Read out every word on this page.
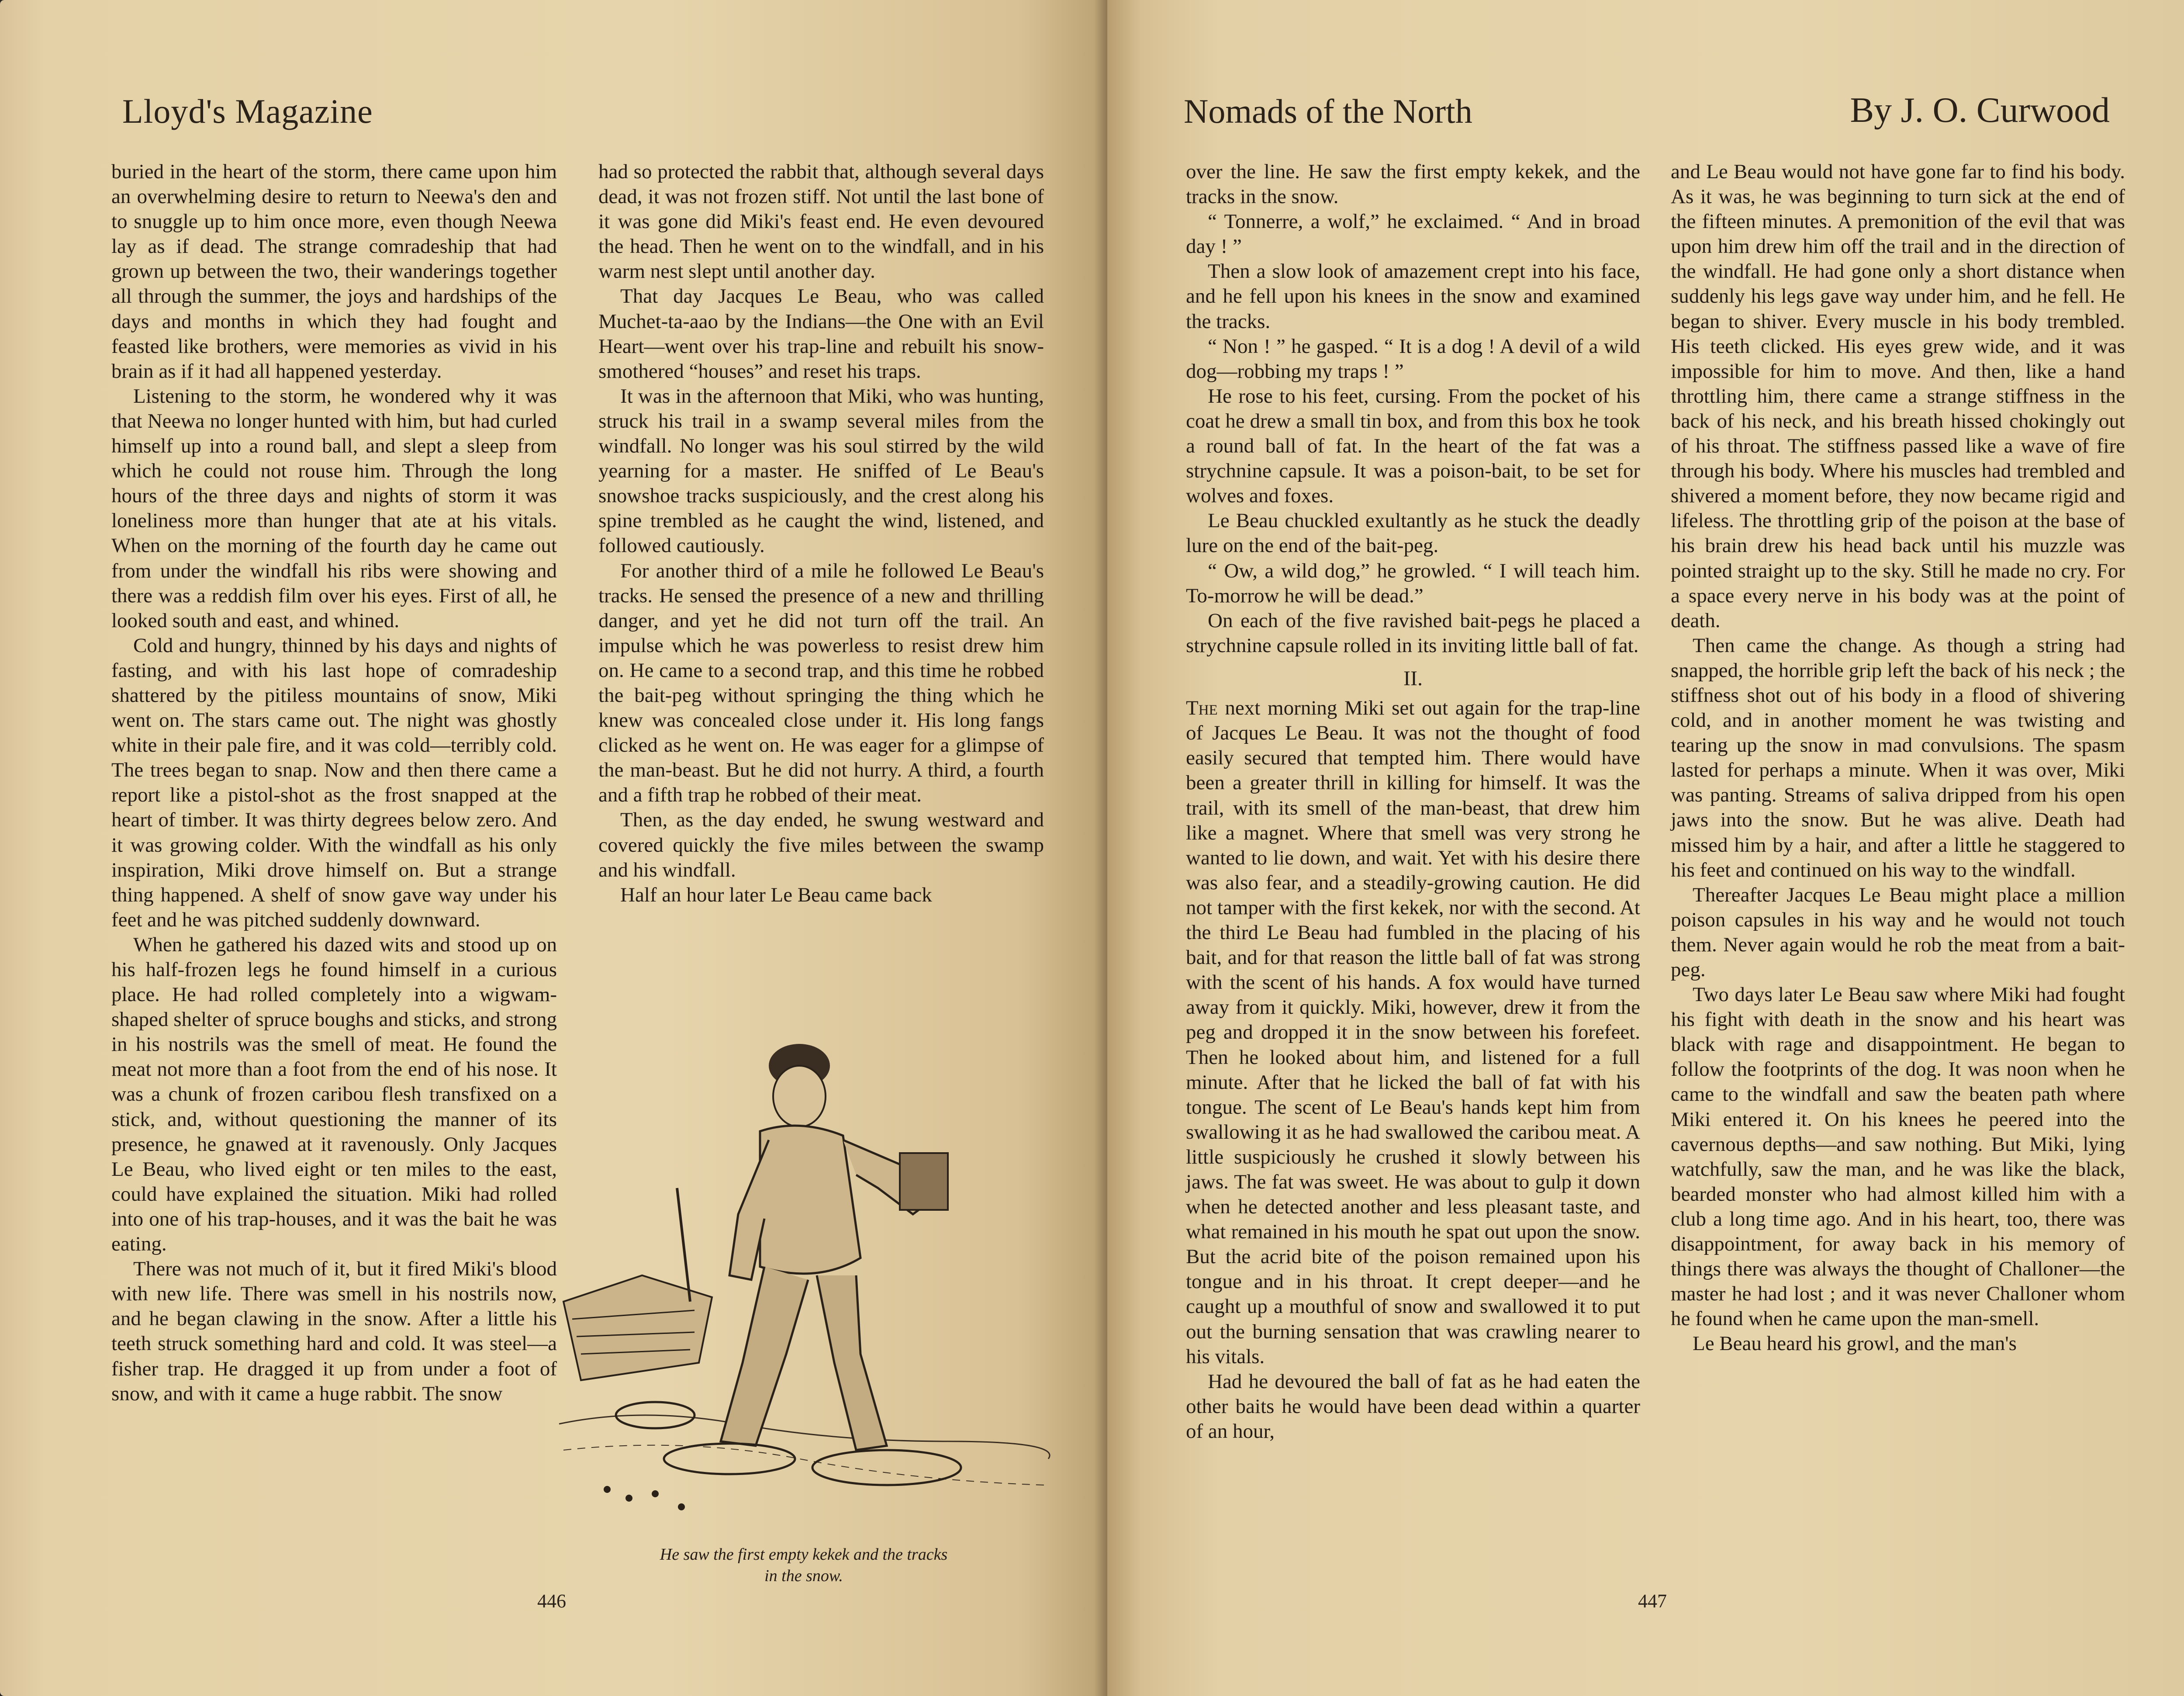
Lloyd's Magazine

buried in the heart of the storm, there came upon him an overwhelming desire to return to Neewa's den and to snuggle up to him once more, even though Neewa lay as if dead. The strange comradeship that had grown up between the two, their wanderings together all through the summer, the joys and hardships of the days and months in which they had fought and feasted like brothers, were memories as vivid in his brain as if it had all happened yesterday.

Listening to the storm, he wondered why it was that Neewa no longer hunted with him, but had curled himself up into a round ball, and slept a sleep from which he could not rouse him. Through the long hours of the three days and nights of storm it was loneliness more than hunger that ate at his vitals. When on the morning of the fourth day he came out from under the windfall his ribs were showing and there was a reddish film over his eyes. First of all, he looked south and east, and whined.

Cold and hungry, thinned by his days and nights of fasting, and with his last hope of comradeship shattered by the pitiless mountains of snow, Miki went on. The stars came out. The night was ghostly white in their pale fire, and it was cold—terribly cold. The trees began to snap. Now and then there came a report like a pistol-shot as the frost snapped at the heart of timber. It was thirty degrees below zero. And it was growing colder. With the windfall as his only inspiration, Miki drove himself on. But a strange thing happened. A shelf of snow gave way under his feet and he was pitched suddenly downward.

When he gathered his dazed wits and stood up on his half-frozen legs he found himself in a curious place. He had rolled completely into a wigwam-shaped shelter of spruce boughs and sticks, and strong in his nostrils was the smell of meat. He found the meat not more than a foot from the end of his nose. It was a chunk of frozen caribou flesh transfixed on a stick, and, without questioning the manner of its presence, he gnawed at it ravenously. Only Jacques Le Beau, who lived eight or ten miles to the east, could have explained the situation. Miki had rolled into one of his trap-houses, and it was the bait he was eating.

There was not much of it, but it fired Miki's blood with new life. There was smell in his nostrils now, and he began clawing in the snow. After a little his teeth struck something hard and cold. It was steel—a fisher trap. He dragged it up from under a foot of snow, and with it came a huge rabbit. The snow

had so protected the rabbit that, although several days dead, it was not frozen stiff. Not until the last bone of it was gone did Miki's feast end. He even devoured the head. Then he went on to the windfall, and in his warm nest slept until another day.

That day Jacques Le Beau, who was called Muchet-ta-aao by the Indians—the One with an Evil Heart—went over his trap-line and rebuilt his snow-smothered “houses” and reset his traps.

It was in the afternoon that Miki, who was hunting, struck his trail in a swamp several miles from the windfall. No longer was his soul stirred by the wild yearning for a master. He sniffed of Le Beau's snowshoe tracks suspiciously, and the crest along his spine trembled as he caught the wind, listened, and followed cautiously.

For another third of a mile he followed Le Beau's tracks. He sensed the presence of a new and thrilling danger, and yet he did not turn off the trail. An impulse which he was powerless to resist drew him on. He came to a second trap, and this time he robbed the bait-peg without springing the thing which he knew was concealed close under it. His long fangs clicked as he went on. He was eager for a glimpse of the man-beast. But he did not hurry. A third, a fourth and a fifth trap he robbed of their meat.

Then, as the day ended, he swung westward and covered quickly the five miles between the swamp and his windfall.

Half an hour later Le Beau came back

He saw the first empty kekek and the tracks
in the snow.
446
Nomads of the North	By J. O. Curwood

over the line. He saw the first empty kekek, and the tracks in the snow.

“ Tonnerre, a wolf,” he exclaimed. “ And in broad day ! ”

Then a slow look of amazement crept into his face, and he fell upon his knees in the snow and examined the tracks.

“ Non ! ” he gasped. “ It is a dog ! A devil of a wild dog—robbing my traps ! ”

He rose to his feet, cursing. From the pocket of his coat he drew a small tin box, and from this box he took a round ball of fat. In the heart of the fat was a strychnine capsule. It was a poison-bait, to be set for wolves and foxes.

Le Beau chuckled exultantly as he stuck the deadly lure on the end of the bait-peg.

“ Ow, a wild dog,” he growled. “ I will teach him. To-morrow he will be dead.”

On each of the five ravished bait-pegs he placed a strychnine capsule rolled in its inviting little ball of fat.

II.

The next morning Miki set out again for the trap-line of Jacques Le Beau. It was not the thought of food easily secured that tempted him. There would have been a greater thrill in killing for himself. It was the trail, with its smell of the man-beast, that drew him like a magnet. Where that smell was very strong he wanted to lie down, and wait. Yet with his desire there was also fear, and a steadily-growing caution. He did not tamper with the first kekek, nor with the second. At the third Le Beau had fumbled in the placing of his bait, and for that reason the little ball of fat was strong with the scent of his hands. A fox would have turned away from it quickly. Miki, however, drew it from the peg and dropped it in the snow between his forefeet. Then he looked about him, and listened for a full minute. After that he licked the ball of fat with his tongue. The scent of Le Beau's hands kept him from swallowing it as he had swallowed the caribou meat. A little suspiciously he crushed it slowly between his jaws. The fat was sweet. He was about to gulp it down when he detected another and less pleasant taste, and what remained in his mouth he spat out upon the snow. But the acrid bite of the poison remained upon his tongue and in his throat. It crept deeper—and he caught up a mouthful of snow and swallowed it to put out the burning sensation that was crawling nearer to his vitals.

Had he devoured the ball of fat as he had eaten the other baits he would have been dead within a quarter of an hour,

and Le Beau would not have gone far to find his body. As it was, he was beginning to turn sick at the end of the fifteen minutes. A premonition of the evil that was upon him drew him off the trail and in the direction of the windfall. He had gone only a short distance when suddenly his legs gave way under him, and he fell. He began to shiver. Every muscle in his body trembled. His teeth clicked. His eyes grew wide, and it was impossible for him to move. And then, like a hand throttling him, there came a strange stiffness in the back of his neck, and his breath hissed chokingly out of his throat. The stiffness passed like a wave of fire through his body. Where his muscles had trembled and shivered a moment before, they now became rigid and lifeless. The throttling grip of the poison at the base of his brain drew his head back until his muzzle was pointed straight up to the sky. Still he made no cry. For a space every nerve in his body was at the point of death.

Then came the change. As though a string had snapped, the horrible grip left the back of his neck ; the stiffness shot out of his body in a flood of shivering cold, and in another moment he was twisting and tearing up the snow in mad convulsions. The spasm lasted for perhaps a minute. When it was over, Miki was panting. Streams of saliva dripped from his open jaws into the snow. But he was alive. Death had missed him by a hair, and after a little he staggered to his feet and continued on his way to the windfall.

Thereafter Jacques Le Beau might place a million poison capsules in his way and he would not touch them. Never again would he rob the meat from a bait-peg.

Two days later Le Beau saw where Miki had fought his fight with death in the snow and his heart was black with rage and disappointment. He began to follow the footprints of the dog. It was noon when he came to the windfall and saw the beaten path where Miki entered it. On his knees he peered into the cavernous depths—and saw nothing. But Miki, lying watchfully, saw the man, and he was like the black, bearded monster who had almost killed him with a club a long time ago. And in his heart, too, there was disappointment, for away back in his memory of things there was always the thought of Challoner—the master he had lost ; and it was never Challoner whom he found when he came upon the man-smell.

Le Beau heard his growl, and the man's

447
